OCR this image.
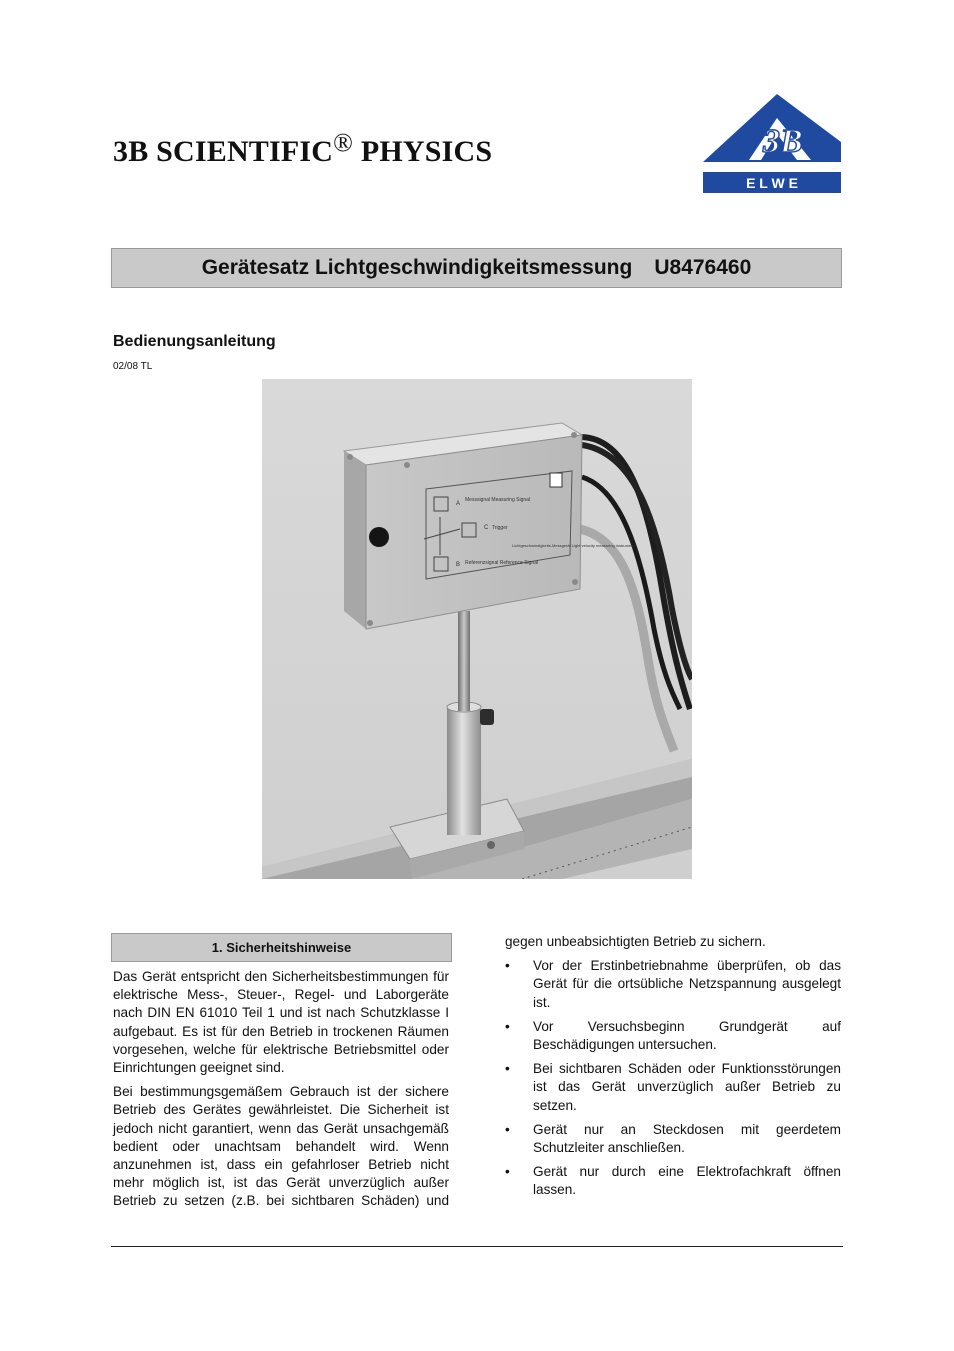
3B SCIENTIFIC® PHYSICS	3B ®
E L W E
Gerätesatz Lichtgeschwindigkeitsmessung U8476460
Bedienungsanleitung
02/08 TL
A
Messsignal Measuring Signal
C Trigger
B Referenzsignal Reference Signal
Lichtgeschwindigkeits-Messgerät Light velocity measuring instrument
1. Sicherheitshinweise

Das Gerät entspricht den Sicherheitsbestimmungen für elektrische Mess-, Steuer-, Regel- und Laborgeräte nach DIN EN 61010 Teil 1 und ist nach Schutzklasse I aufgebaut. Es ist für den Betrieb in trockenen Räumen vorgesehen, welche für elektrische Betriebsmittel oder Einrichtungen geeignet sind.

Bei bestimmungsgemäßem Gebrauch ist der sichere Betrieb des Gerätes gewährleistet. Die Sicherheit ist jedoch nicht garantiert, wenn das Gerät unsachgemäß bedient oder unachtsam behandelt wird. Wenn anzunehmen ist, dass ein gefahrloser Betrieb nicht mehr möglich ist, ist das Gerät unverzüglich außer Betrieb zu setzen (z.B. bei sichtbaren Schäden) und

gegen unbeabsichtigten Betrieb zu sichern.

• Vor der Erstinbetriebnahme überprüfen, ob das Gerät für die ortsübliche Netzspannung ausgelegt ist.
• Vor Versuchsbeginn Grundgerät auf Beschädigungen untersuchen.
• Bei sichtbaren Schäden oder Funktionsstörungen ist das Gerät unverzüglich außer Betrieb zu setzen.
• Gerät nur an Steckdosen mit geerdetem Schutzleiter anschließen.
• Gerät nur durch eine Elektrofachkraft öffnen lassen.
